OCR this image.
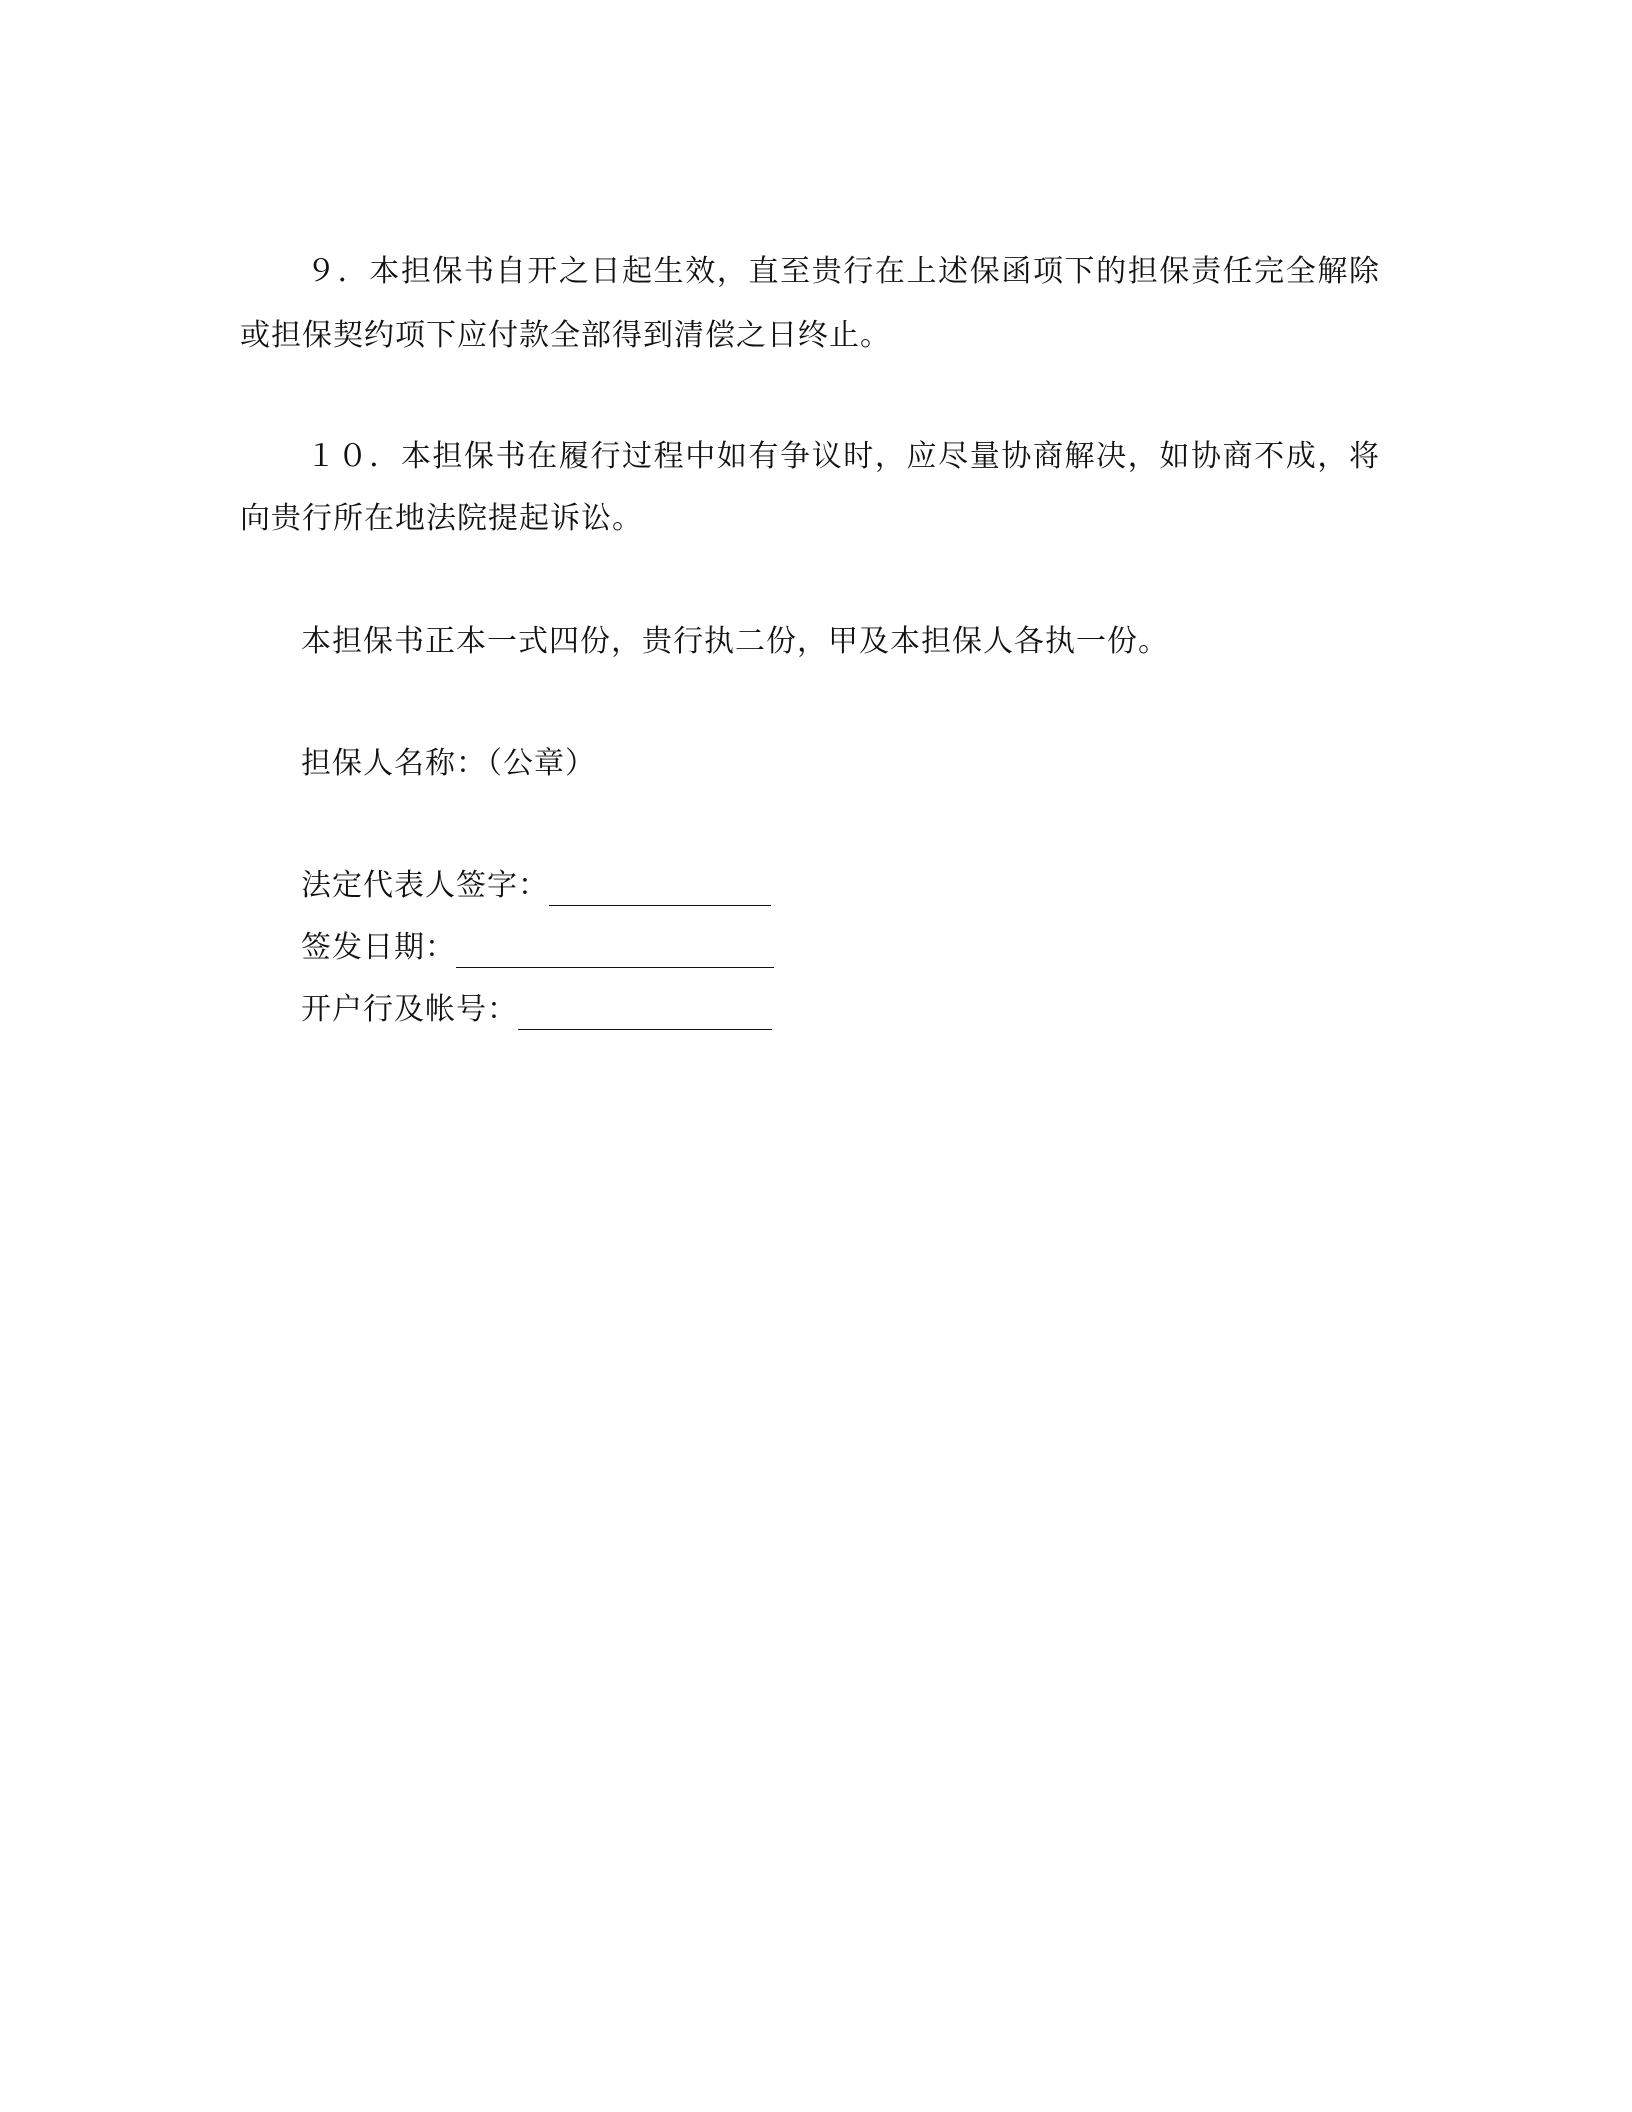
９．本担保书自开之日起生效，直至贵行在上述保函项下的担保责任完全解除
或担保契约项下应付款全部得到清偿之日终止。
１０．本担保书在履行过程中如有争议时，应尽量协商解决，如协商不成，将
向贵行所在地法院提起诉讼。
本担保书正本一式四份，贵行执二份，甲及本担保人各执一份。
担保人名称：（公章）
法定代表人签字：
签发日期：
开户行及帐号：
